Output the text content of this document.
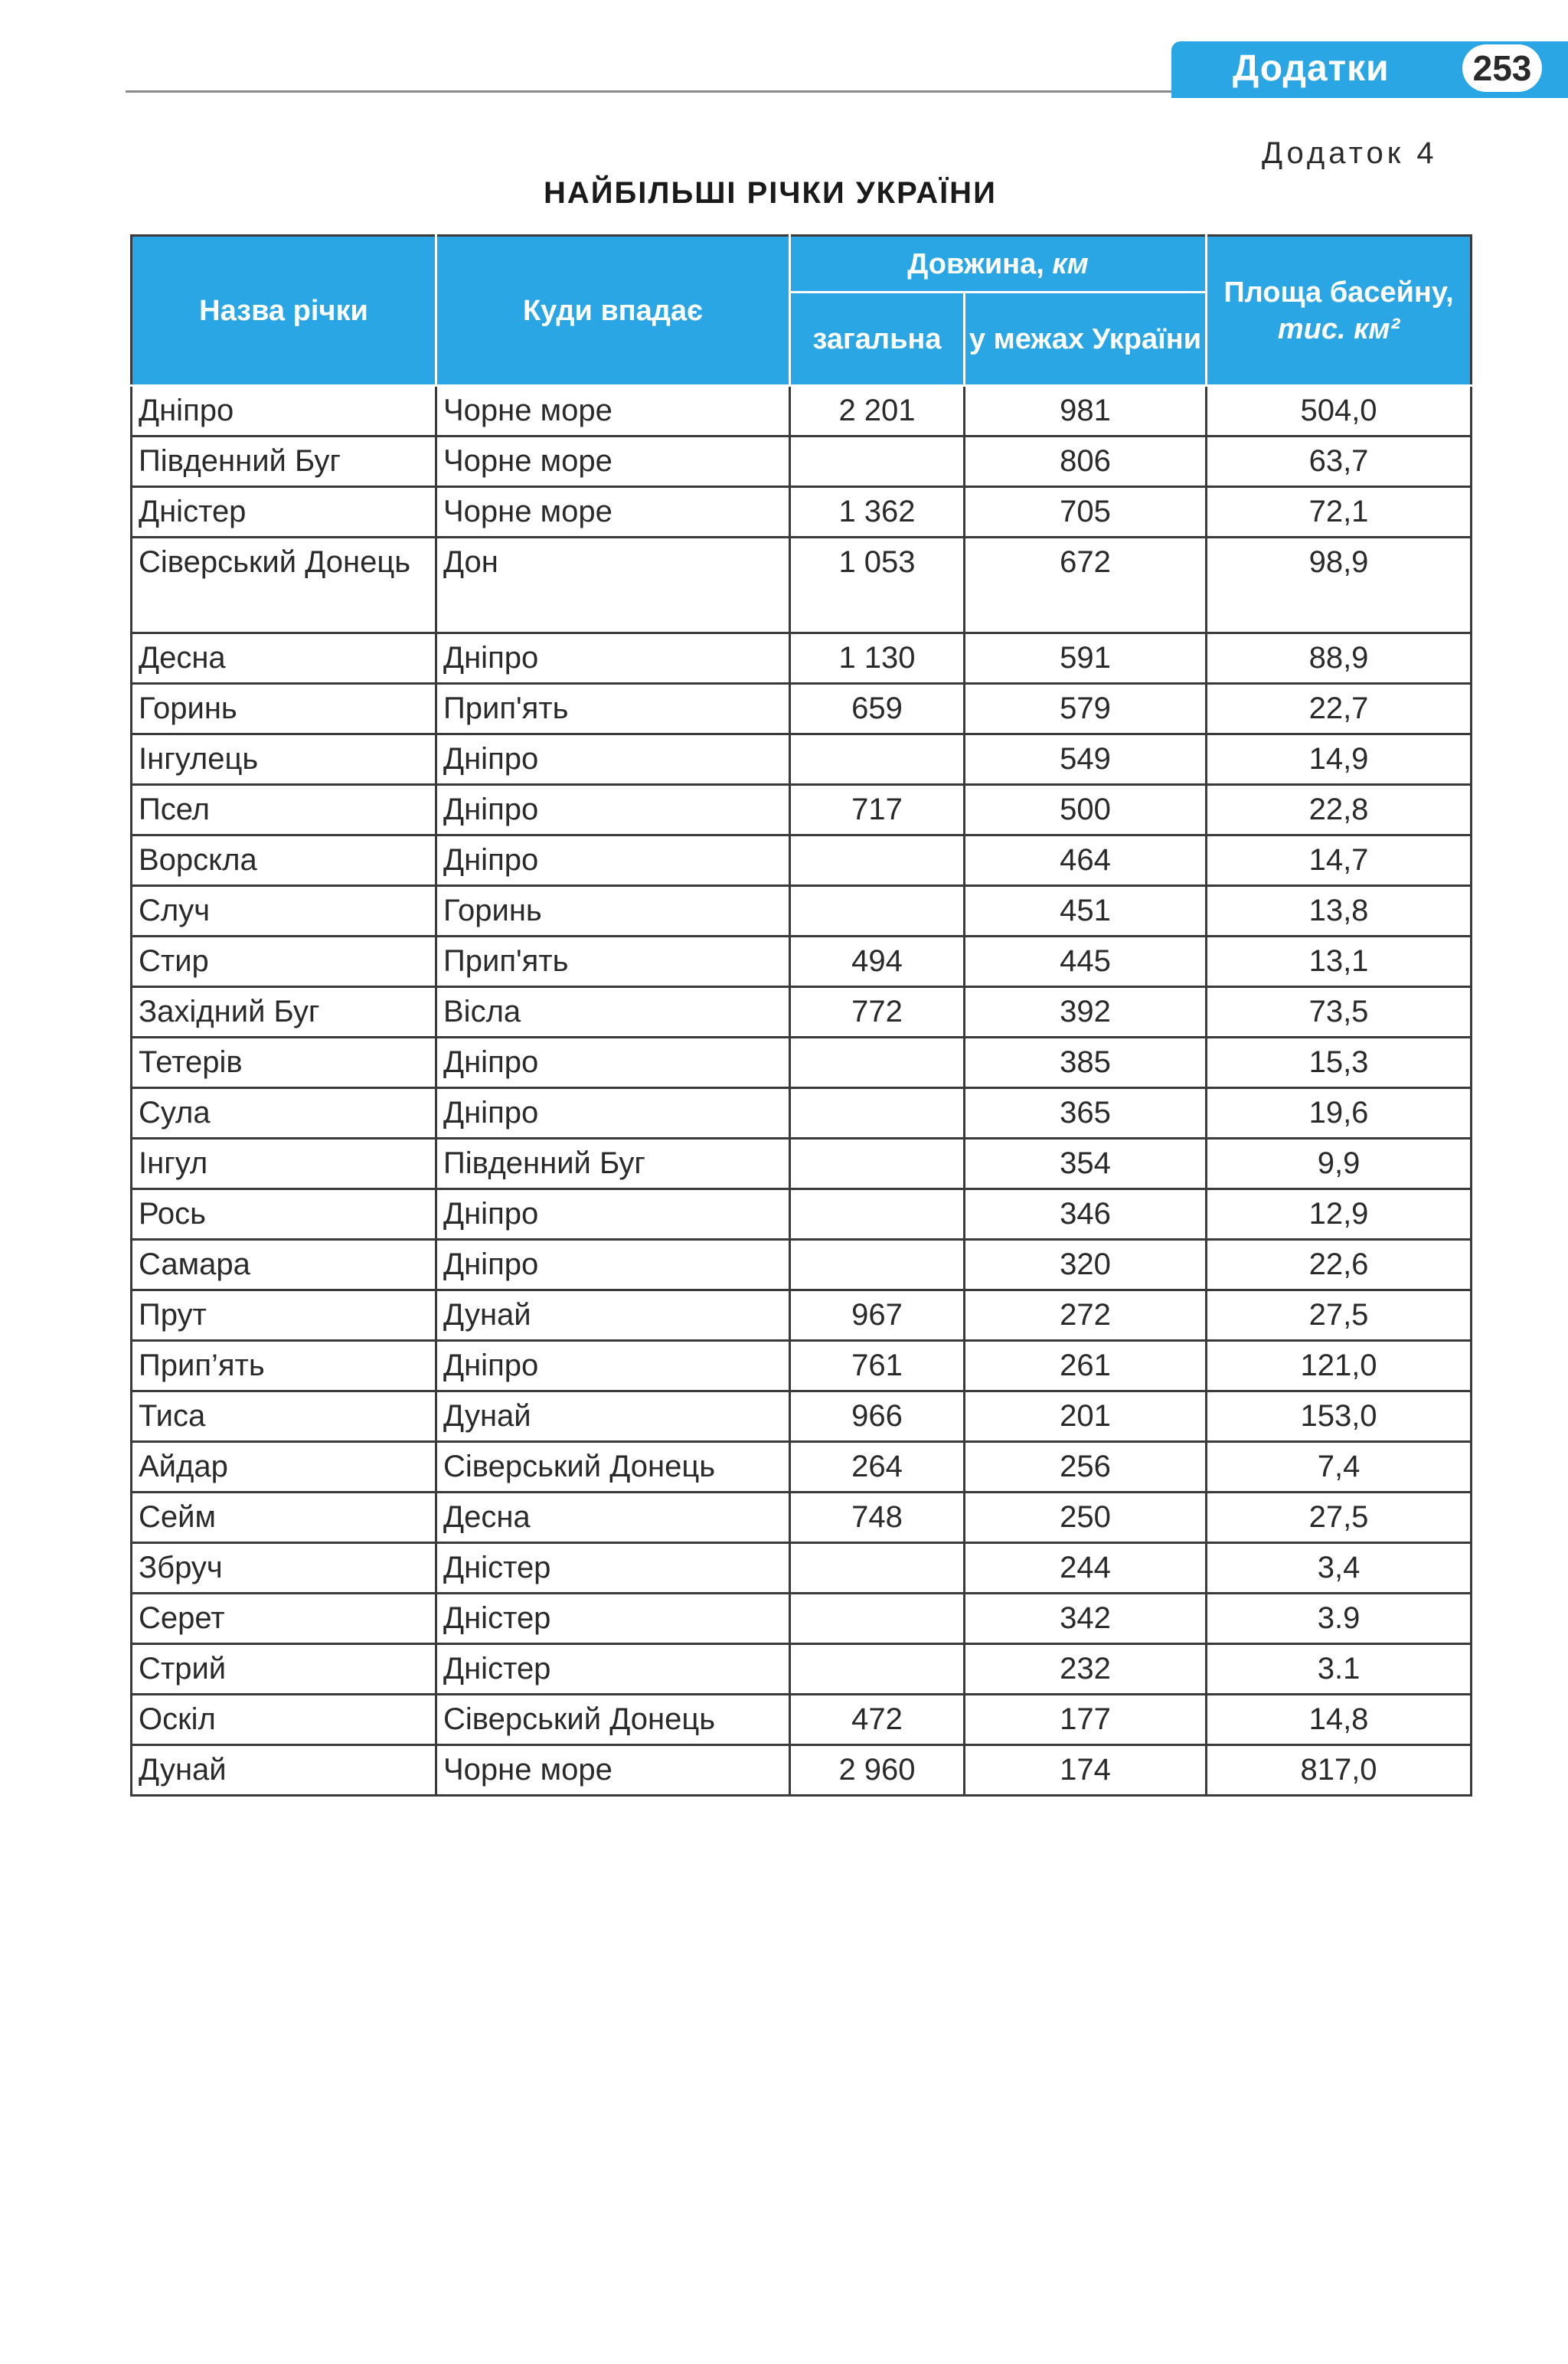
Додатки 253
Додаток 4
НАЙБІЛЬШІ РІЧКИ УКРАЇНИ
Назва річки	Куди впадає	Довжина, км		Площа басейну,
тис. км²
		загальна	у межах України	
Дніпро	Чорне море	2 201	981	504,0
Південний Буг	Чорне море		806	63,7
Дністер	Чорне море	1 362	705	72,1
Сіверський Донець	Дон	1 053	672	98,9
Десна	Дніпро	1 130	591	88,9
Горинь	Прип'ять	659	579	22,7
Інгулець	Дніпро		549	14,9
Псел	Дніпро	717	500	22,8
Ворскла	Дніпро		464	14,7
Случ	Горинь		451	13,8
Стир	Прип'ять	494	445	13,1
Західний Буг	Вісла	772	392	73,5
Тетерів	Дніпро		385	15,3
Сула	Дніпро		365	19,6
Інгул	Південний Буг		354	9,9
Рось	Дніпро		346	12,9
Самара	Дніпро		320	22,6
Прут	Дунай	967	272	27,5
Прип’ять	Дніпро	761	261	121,0
Тиса	Дунай	966	201	153,0
Айдар	Сіверський Донець	264	256	7,4
Сейм	Десна	748	250	27,5
Збруч	Дністер		244	3,4
Серет	Дністер		342	3.9
Стрий	Дністер		232	3.1
Оскіл	Сіверський Донець	472	177	14,8
Дунай	Чорне море	2 960	174	817,0
